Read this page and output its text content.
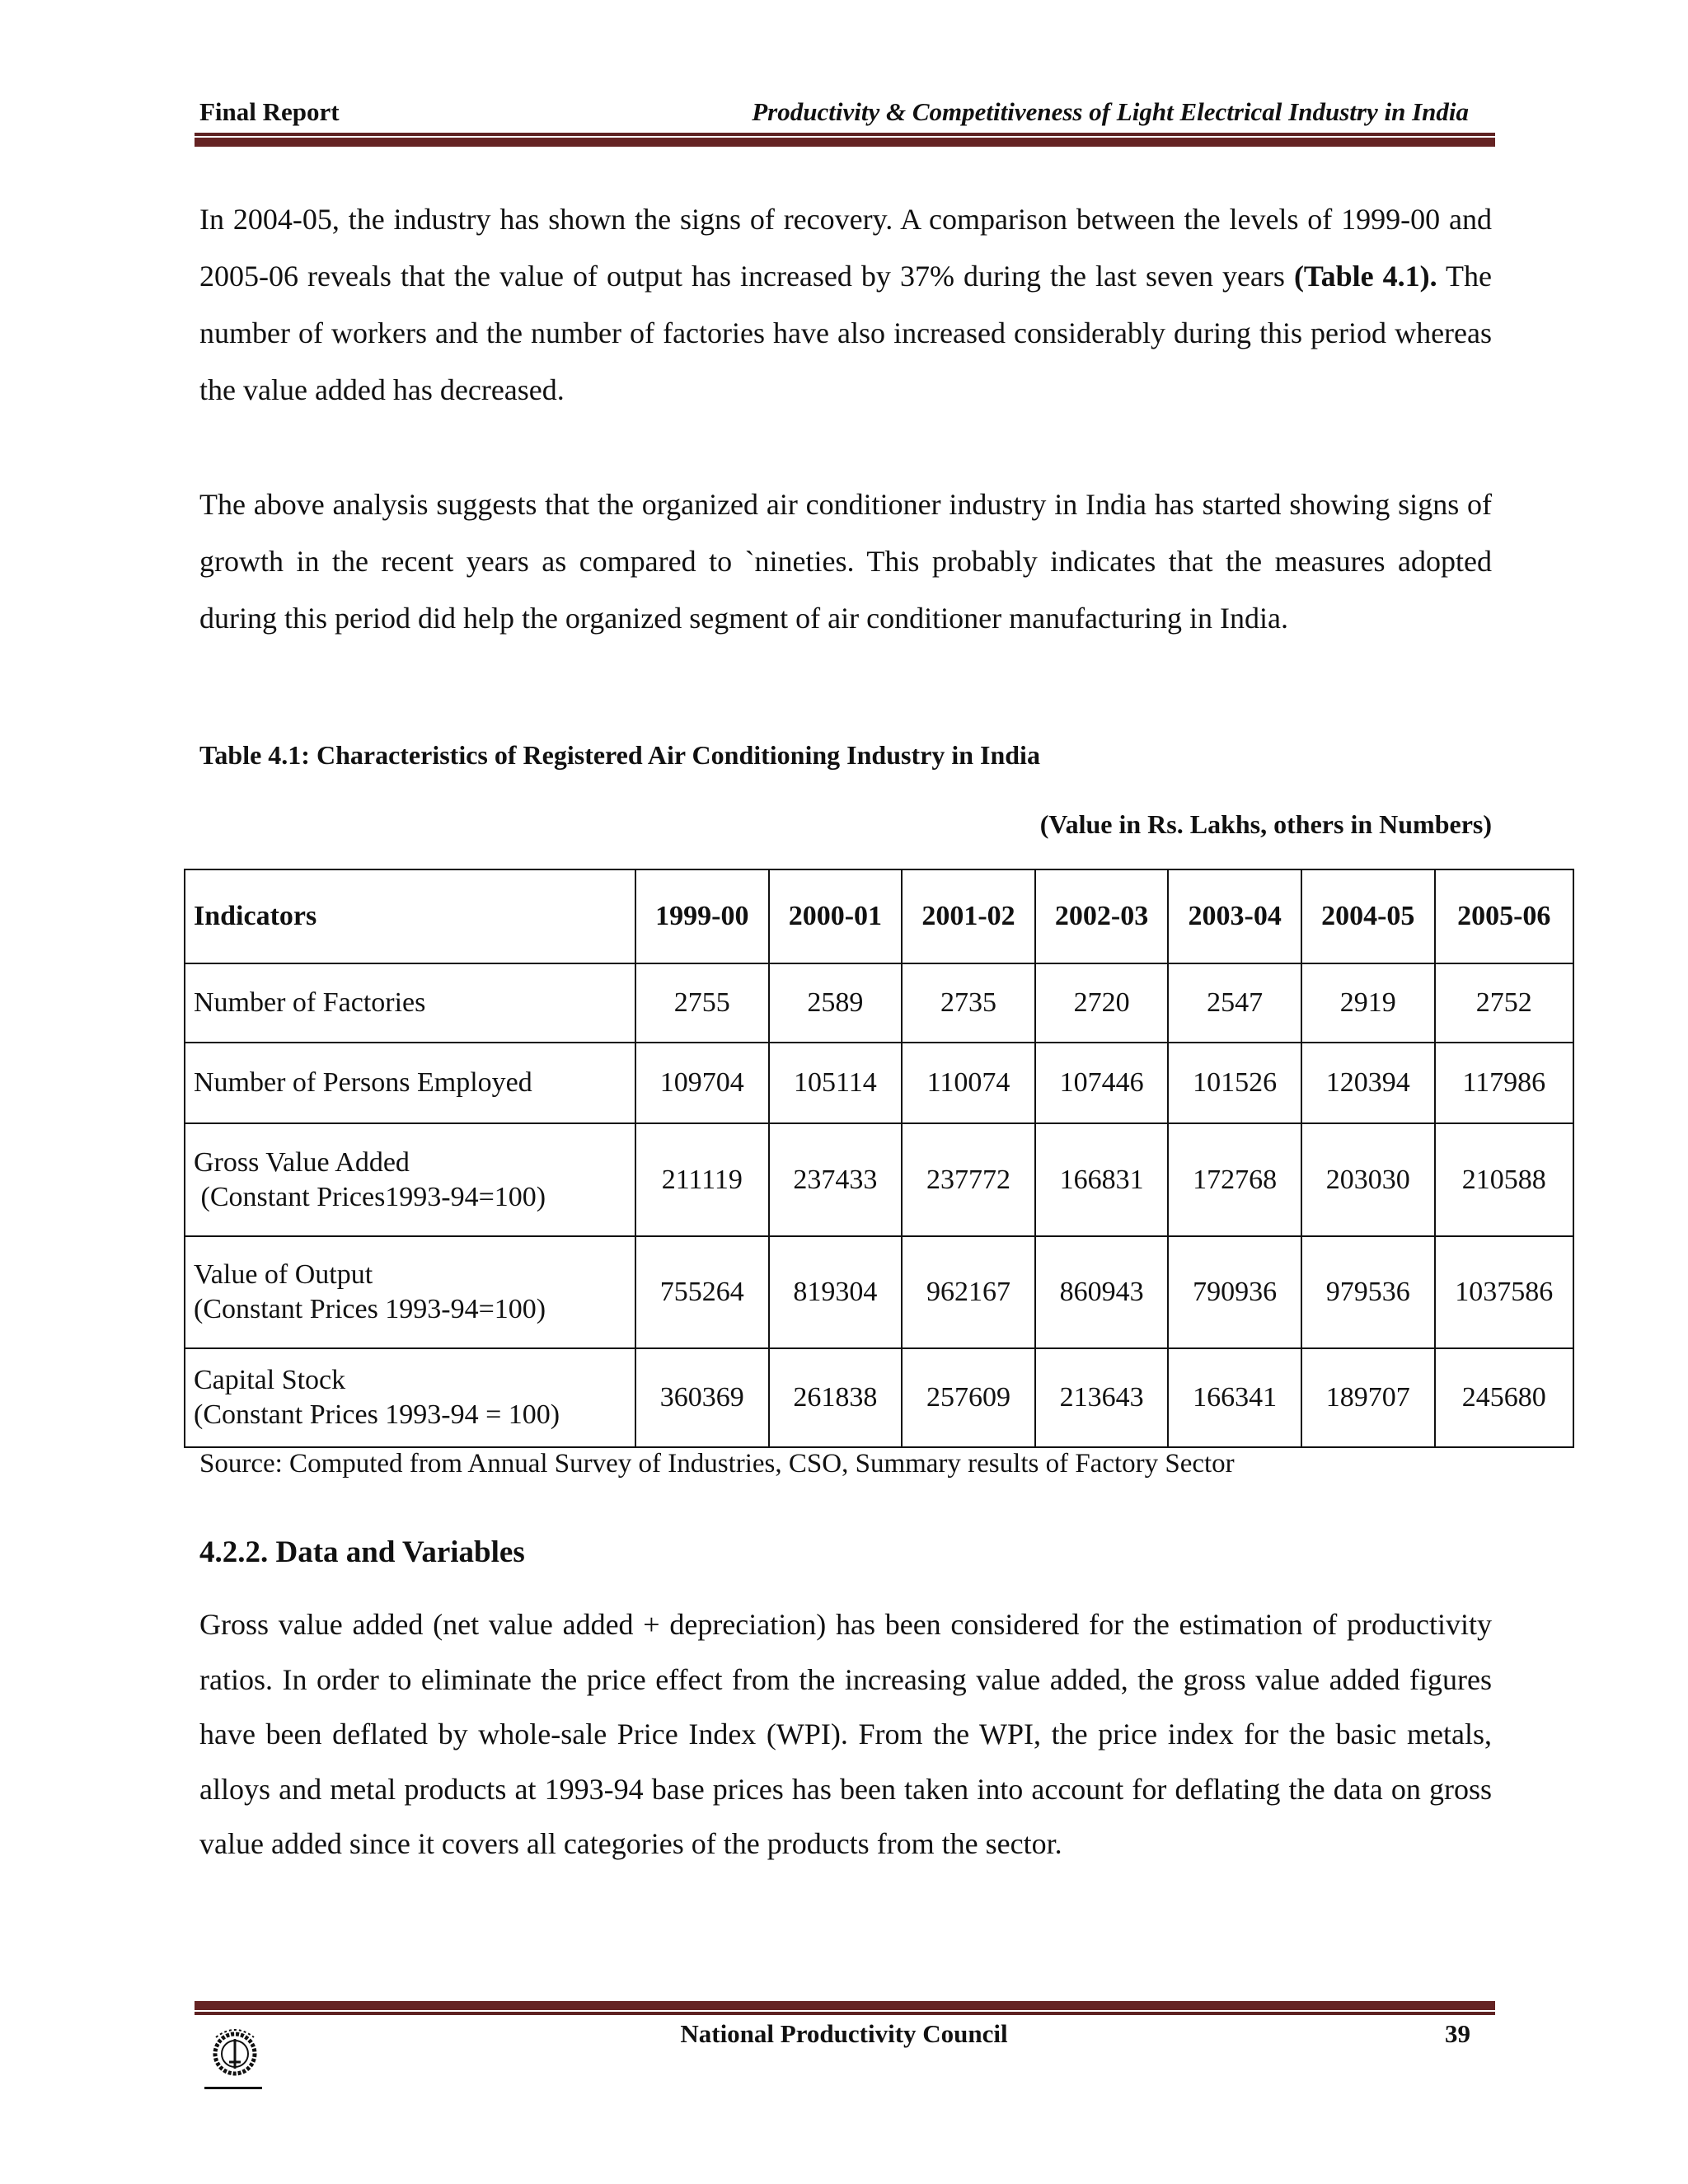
Final Report	Productivity & Competitiveness of Light Electrical Industry in India
In 2004-05, the industry has shown the signs of recovery. A comparison between the levels of 1999-00 and 2005-06 reveals that the value of output has increased by 37% during the last seven years (Table 4.1). The number of workers and the number of factories have also increased considerably during this period whereas the value added has decreased.
The above analysis suggests that the organized air conditioner industry in India has started showing signs of growth in the recent years as compared to `nineties. This probably indicates that the measures adopted during this period did help the organized segment of air conditioner manufacturing in India.
Table 4.1: Characteristics of Registered Air Conditioning Industry in India
(Value in Rs. Lakhs, others in Numbers)
Indicators	1999-00	2000-01	2001-02	2002-03	2003-04	2004-05	2005-06

Number of Factories	2755	2589	2735	2720	2547	2919	2752

Number of Persons Employed	109704	105114	110074	107446	101526	120394	117986

Gross Value Added
(Constant Prices1993-94=100)	211119	237433	237772	166831	172768	203030	210588

Value of Output
(Constant Prices 1993-94=100)	755264	819304	962167	860943	790936	979536	1037586

Capital Stock
(Constant Prices 1993-94 = 100)	360369	261838	257609	213643	166341	189707	245680
Source: Computed from Annual Survey of Industries, CSO, Summary results of Factory Sector
4.2.2. Data and Variables
Gross value added (net value added + depreciation) has been considered for the estimation of productivity ratios. In order to eliminate the price effect from the increasing value added, the gross value added figures have been deflated by whole-sale Price Index (WPI). From the WPI, the price index for the basic metals, alloys and metal products at 1993-94 base prices has been taken into account for deflating the data on gross value added since it covers all categories of the products from the sector.
National Productivity Council	39
